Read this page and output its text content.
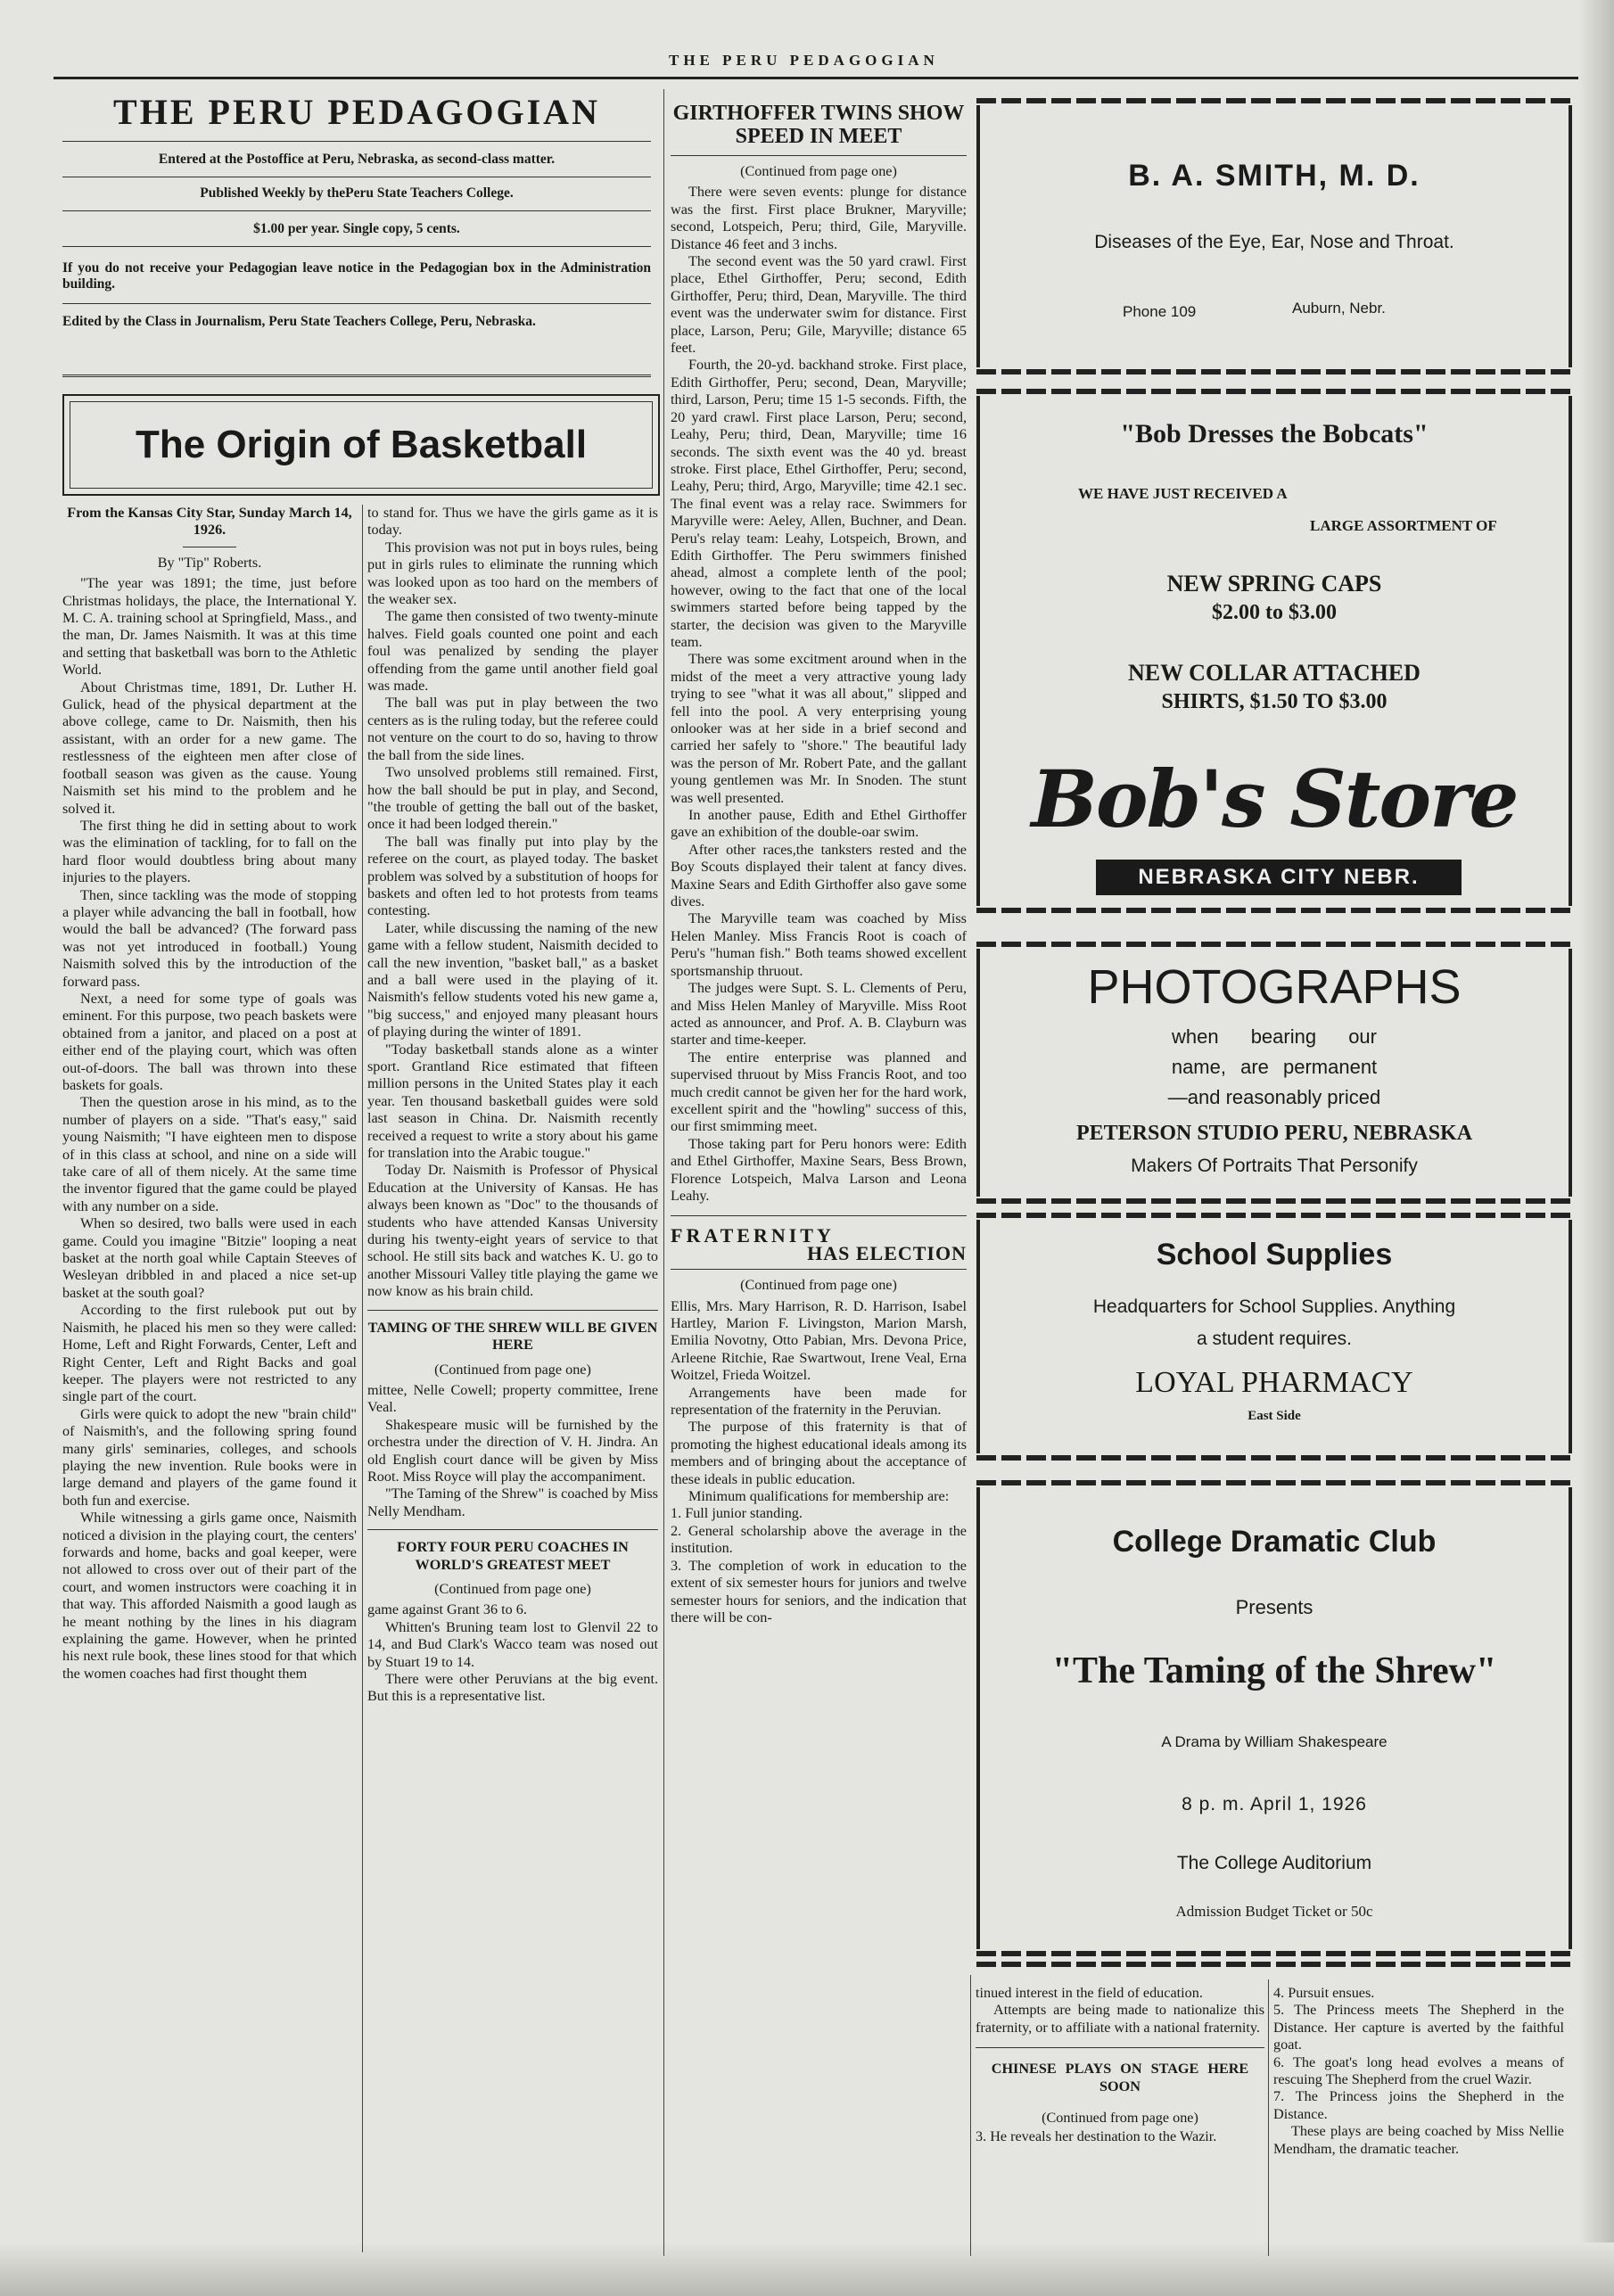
THE PERU PEDAGOGIAN
THE PERU PEDAGOGIAN
Entered at the Postoffice at Peru, Nebraska, as second-class matter.
Published Weekly by thePeru State Teachers College.
$1.00 per year. Single copy, 5 cents.
If you do not receive your Pedagogian leave notice in the Pedagogian box in the Administration building.
Edited by the Class in Journalism, Peru State Teachers College, Peru, Nebraska.
The Origin of Basketball
From the Kansas City Star, Sunday March 14, 1926.
By "Tip" Roberts.

"The year was 1891; the time, just before Christmas holidays, the place, the International Y. M. C. A. training school at Springfield, Mass., and the man, Dr. James Naismith. It was at this time and setting that basketball was born to the Athletic World.

About Christmas time, 1891, Dr. Luther H. Gulick, head of the physical department at the above college, came to Dr. Naismith, then his assistant, with an order for a new game. The restlessness of the eighteen men after close of football season was given as the cause. Young Naismith set his mind to the problem and he solved it.

The first thing he did in setting about to work was the elimination of tackling, for to fall on the hard floor would doubtless bring about many injuries to the players.

Then, since tackling was the mode of stopping a player while advancing the ball in football, how would the ball be advanced? (The forward pass was not yet introduced in football.) Young Naismith solved this by the introduction of the forward pass.

Next, a need for some type of goals was eminent. For this purpose, two peach baskets were obtained from a janitor, and placed on a post at either end of the playing court, which was often out-of-doors. The ball was thrown into these baskets for goals.

Then the question arose in his mind, as to the number of players on a side. "That's easy," said young Naismith; "I have eighteen men to dispose of in this class at school, and nine on a side will take care of all of them nicely. At the same time the inventor figured that the game could be played with any number on a side.

When so desired, two balls were used in each game. Could you imagine "Bitzie" looping a neat basket at the north goal while Captain Steeves of Wesleyan dribbled in and placed a nice set-up basket at the south goal?

According to the first rulebook put out by Naismith, he placed his men so they were called: Home, Left and Right Forwards, Center, Left and Right Center, Left and Right Backs and goal keeper. The players were not restricted to any single part of the court.

Girls were quick to adopt the new "brain child" of Naismith's, and the following spring found many girls' seminaries, colleges, and schools playing the new invention. Rule books were in large demand and players of the game found it both fun and exercise.

While witnessing a girls game once, Naismith noticed a division in the playing court, the centers' forwards and home, backs and goal keeper, were not allowed to cross over out of their part of the court, and women instructors were coaching it in that way. This afforded Naismith a good laugh as he meant nothing by the lines in his diagram explaining the game. However, when he printed his next rule book, these lines stood for that which the women coaches had first thought them

to stand for. Thus we have the girls game as it is today.

This provision was not put in boys rules, being put in girls rules to eliminate the running which was looked upon as too hard on the members of the weaker sex.

The game then consisted of two twenty-minute halves. Field goals counted one point and each foul was penalized by sending the player offending from the game until another field goal was made.

The ball was put in play between the two centers as is the ruling today, but the referee could not venture on the court to do so, having to throw the ball from the side lines.

Two unsolved problems still remained. First, how the ball should be put in play, and Second, "the trouble of getting the ball out of the basket, once it had been lodged therein."

The ball was finally put into play by the referee on the court, as played today. The basket problem was solved by a substitution of hoops for baskets and often led to hot protests from teams contesting.

Later, while discussing the naming of the new game with a fellow student, Naismith decided to call the new invention, "basket ball," as a basket and a ball were used in the playing of it. Naismith's fellow students voted his new game a, "big success," and enjoyed many pleasant hours of playing during the winter of 1891.

"Today basketball stands alone as a winter sport. Grantland Rice estimated that fifteen million persons in the United States play it each year. Ten thousand basketball guides were sold last season in China. Dr. Naismith recently received a request to write a story about his game for translation into the Arabic tougue."

Today Dr. Naismith is Professor of Physical Education at the University of Kansas. He has always been known as "Doc" to the thousands of students who have attended Kansas University during his twenty-eight years of service to that school. He still sits back and watches K. U. go to another Missouri Valley title playing the game we now know as his brain child.

TAMING OF THE SHREW WILL BE GIVEN HERE
(Continued from page one)

mittee, Nelle Cowell; property committee, Irene Veal.

Shakespeare music will be furnished by the orchestra under the direction of V. H. Jindra. An old English court dance will be given by Miss Root. Miss Royce will play the accompaniment.

"The Taming of the Shrew" is coached by Miss Nelly Mendham.

FORTY FOUR PERU COACHES IN WORLD'S GREATEST MEET
(Continued from page one)

game against Grant 36 to 6.

Whitten's Bruning team lost to Glenvil 22 to 14, and Bud Clark's Wacco team was nosed out by Stuart 19 to 14.

There were other Peruvians at the big event. But this is a representative list.

GIRTHOFFER TWINS SHOW SPEED IN MEET
(Continued from page one)

There were seven events: plunge for distance was the first. First place Brukner, Maryville; second, Lotspeich, Peru; third, Gile, Maryville. Distance 46 feet and 3 inchs.

The second event was the 50 yard crawl. First place, Ethel Girthoffer, Peru; second, Edith Girthoffer, Peru; third, Dean, Maryville. The third event was the underwater swim for distance. First place, Larson, Peru; Gile, Maryville; distance 65 feet.

Fourth, the 20-yd. backhand stroke. First place, Edith Girthoffer, Peru; second, Dean, Maryville; third, Larson, Peru; time 15 1-5 seconds. Fifth, the 20 yard crawl. First place Larson, Peru; second, Leahy, Peru; third, Dean, Maryville; time 16 seconds. The sixth event was the 40 yd. breast stroke. First place, Ethel Girthoffer, Peru; second, Leahy, Peru; third, Argo, Maryville; time 42.1 sec. The final event was a relay race. Swimmers for Maryville were: Aeley, Allen, Buchner, and Dean. Peru's relay team: Leahy, Lotspeich, Brown, and Edith Girthoffer. The Peru swimmers finished ahead, almost a complete lenth of the pool; however, owing to the fact that one of the local swimmers started before being tapped by the starter, the decision was given to the Maryville team.

There was some excitment around when in the midst of the meet a very attractive young lady trying to see "what it was all about," slipped and fell into the pool. A very enterprising young onlooker was at her side in a brief second and carried her safely to "shore." The beautiful lady was the person of Mr. Robert Pate, and the gallant young gentlemen was Mr. In Snoden. The stunt was well presented.

In another pause, Edith and Ethel Girthoffer gave an exhibition of the double-oar swim.

After other races,the tanksters rested and the Boy Scouts displayed their talent at fancy dives. Maxine Sears and Edith Girthoffer also gave some dives.

The Maryville team was coached by Miss Helen Manley. Miss Francis Root is coach of Peru's "human fish." Both teams showed excellent sportsmanship thruout.

The judges were Supt. S. L. Clements of Peru, and Miss Helen Manley of Maryville. Miss Root acted as announcer, and Prof. A. B. Clayburn was starter and time-keeper.

The entire enterprise was planned and supervised thruout by Miss Francis Root, and too much credit cannot be given her for the hard work, excellent spirit and the "howling" success of this, our first smimming meet.

Those taking part for Peru honors were: Edith and Ethel Girthoffer, Maxine Sears, Bess Brown, Florence Lotspeich, Malva Larson and Leona Leahy.

FRATERNITY
HAS ELECTION
(Continued from page one)

Ellis, Mrs. Mary Harrison, R. D. Harrison, Isabel Hartley, Marion F. Livingston, Marion Marsh, Emilia Novotny, Otto Pabian, Mrs. Devona Price, Arleene Ritchie, Rae Swartwout, Irene Veal, Erna Woitzel, Frieda Woitzel.

Arrangements have been made for representation of the fraternity in the Peruvian.

The purpose of this fraternity is that of promoting the highest educational ideals among its members and of bringing about the acceptance of these ideals in public education.

Minimum qualifications for membership are:

1. Full junior standing.

2. General scholarship above the average in the institution.

3. The completion of work in education to the extent of six semester hours for juniors and twelve semester hours for seniors, and the indication that there will be con-

B. A. SMITH, M. D.
Diseases of the Eye, Ear, Nose and Throat.
Phone 109	Auburn, Nebr.
"Bob Dresses the Bobcats"
WE HAVE JUST RECEIVED A
LARGE ASSORTMENT OF
NEW SPRING CAPS
$2.00 to $3.00
NEW COLLAR ATTACHED
SHIRTS, $1.50 TO $3.00
Bob's Store
NEBRASKA CITY NEBR.
PHOTOGRAPHS
when bearing our
name, are permanent
—and reasonably priced
PETERSON STUDIO PERU, NEBRASKA
Makers Of Portraits That Personify
School Supplies
Headquarters for School Supplies. Anything
a student requires.
LOYAL PHARMACY
East Side
College Dramatic Club
Presents
"The Taming of the Shrew"
A Drama by William Shakespeare
8 p. m. April 1, 1926
The College Auditorium
Admission Budget Ticket or 50c

tinued interest in the field of education.

Attempts are being made to nationalize this fraternity, or to affiliate with a national fraternity.

CHINESE PLAYS ON STAGE HERE SOON
(Continued from page one)

3. He reveals her destination to the Wazir.

4. Pursuit ensues.

5. The Princess meets The Shepherd in the Distance. Her capture is averted by the faithful goat.

6. The goat's long head evolves a means of rescuing The Shepherd from the cruel Wazir.

7. The Princess joins the Shepherd in the Distance.

These plays are being coached by Miss Nellie Mendham, the dramatic teacher.
